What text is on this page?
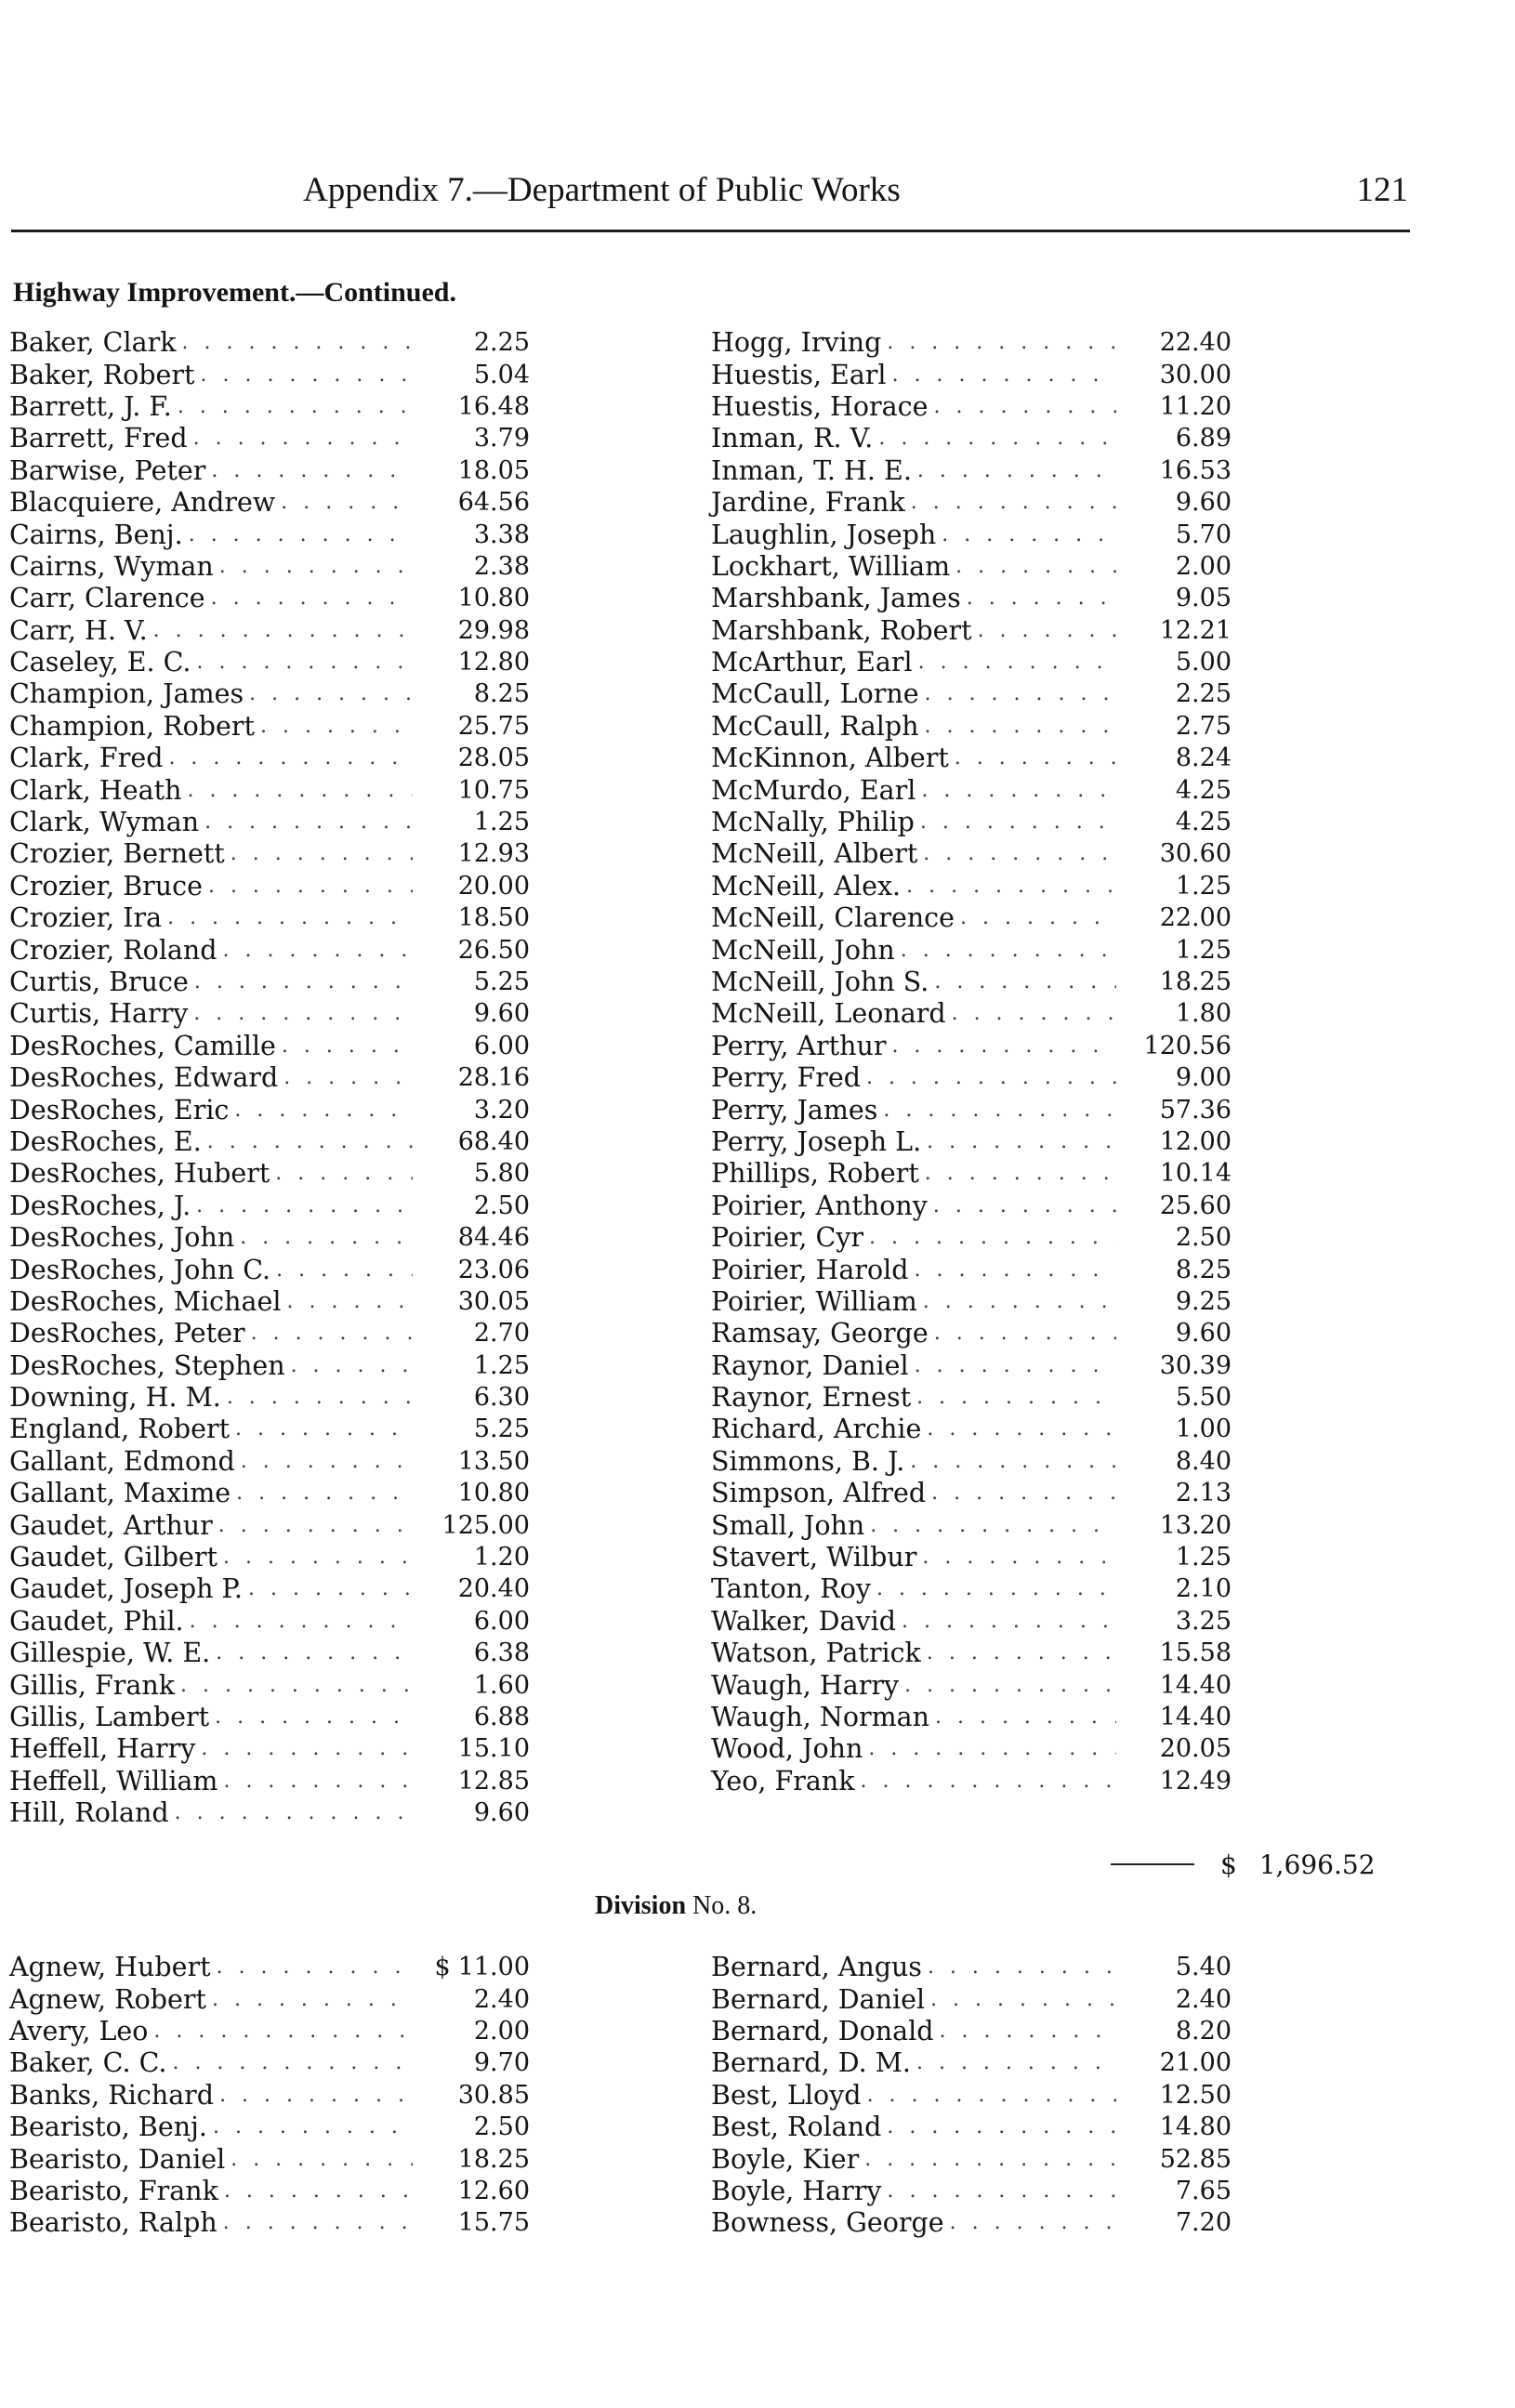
Appendix 7.—Department of Public Works	121
Highway Improvement.—Continued.
Baker, Clark . . .	2.25
Baker, Robert . . .	5.04
Barrett, J. F. . . .	16.48
Barrett, Fred . . .	3.79
Barwise, Peter . . .	18.05
Blacquiere, Andrew . . .	64.56
Cairns, Benj. . . .	3.38
Cairns, Wyman . . .	2.38
Carr, Clarence . . .	10.80
Carr, H. V. . . .	29.98
Caseley, E. C. . . .	12.80
Champion, James . . .	8.25
Champion, Robert . . .	25.75
Clark, Fred . . .	28.05
Clark, Heath . . .	10.75
Clark, Wyman . . .	1.25
Crozier, Bernett . . .	12.93
Crozier, Bruce . . .	20.00
Crozier, Ira . . .	18.50
Crozier, Roland . . .	26.50
Curtis, Bruce . . .	5.25
Curtis, Harry . . .	9.60
DesRoches, Camille . . .	6.00
DesRoches, Edward . . .	28.16
DesRoches, Eric . . .	3.20
DesRoches, E. . . .	68.40
DesRoches, Hubert . . .	5.80
DesRoches, J. . . .	2.50
DesRoches, John . . .	84.46
DesRoches, John C. . . .	23.06
DesRoches, Michael . . .	30.05
DesRoches, Peter . . .	2.70
DesRoches, Stephen . . .	1.25
Downing, H. M. . . .	6.30
England, Robert . . .	5.25
Gallant, Edmond . . .	13.50
Gallant, Maxime . . .	10.80
Gaudet, Arthur . . .	125.00
Gaudet, Gilbert . . .	1.20
Gaudet, Joseph P. . . .	20.40
Gaudet, Phil. . . .	6.00
Gillespie, W. E. . . .	6.38
Gillis, Frank . . .	1.60
Gillis, Lambert . . .	6.88
Heffell, Harry . . .	15.10
Heffell, William . . .	12.85
Hill, Roland . . .	9.60
Hogg, Irving . . .	22.40
Huestis, Earl . . .	30.00
Huestis, Horace . . .	11.20
Inman, R. V. . . .	6.89
Inman, T. H. E. . . .	16.53
Jardine, Frank . . .	9.60
Laughlin, Joseph . . .	5.70
Lockhart, William . . .	2.00
Marshbank, James . . .	9.05
Marshbank, Robert . . .	12.21
McArthur, Earl . . .	5.00
McCaull, Lorne . . .	2.25
McCaull, Ralph . . .	2.75
McKinnon, Albert . . .	8.24
McMurdo, Earl . . .	4.25
McNally, Philip . . .	4.25
McNeill, Albert . . .	30.60
McNeill, Alex. . . .	1.25
McNeill, Clarence . . .	22.00
McNeill, John . . .	1.25
McNeill, John S. . . .	18.25
McNeill, Leonard . . .	1.80
Perry, Arthur . . .	120.56
Perry, Fred . . .	9.00
Perry, James . . .	57.36
Perry, Joseph L. . . .	12.00
Phillips, Robert . . .	10.14
Poirier, Anthony . . .	25.60
Poirier, Cyr . . .	2.50
Poirier, Harold . . .	8.25
Poirier, William . . .	9.25
Ramsay, George . . .	9.60
Raynor, Daniel . . .	30.39
Raynor, Ernest . . .	5.50
Richard, Archie . . .	1.00
Simmons, B. J. . . .	8.40
Simpson, Alfred . . .	2.13
Small, John . . .	13.20
Stavert, Wilbur . . .	1.25
Tanton, Roy . . .	2.10
Walker, David . . .	3.25
Watson, Patrick . . .	15.58
Waugh, Harry . . .	14.40
Waugh, Norman . . .	14.40
Wood, John . . .	20.05
Yeo, Frank . . .	12.49
$ 1,696.52
Division No. 8.
Agnew, Hubert . . .	$ 11.00
Agnew, Robert . . .	2.40
Avery, Leo . . .	2.00
Baker, C. C. . . .	9.70
Banks, Richard . . .	30.85
Bearisto, Benj. . . .	2.50
Bearisto, Daniel . . .	18.25
Bearisto, Frank . . .	12.60
Bearisto, Ralph . . .	15.75
Bernard, Angus . . .	5.40
Bernard, Daniel . . .	2.40
Bernard, Donald . . .	8.20
Bernard, D. M. . . .	21.00
Best, Lloyd . . .	12.50
Best, Roland . . .	14.80
Boyle, Kier . . .	52.85
Boyle, Harry . . .	7.65
Bowness, George . . .	7.20
